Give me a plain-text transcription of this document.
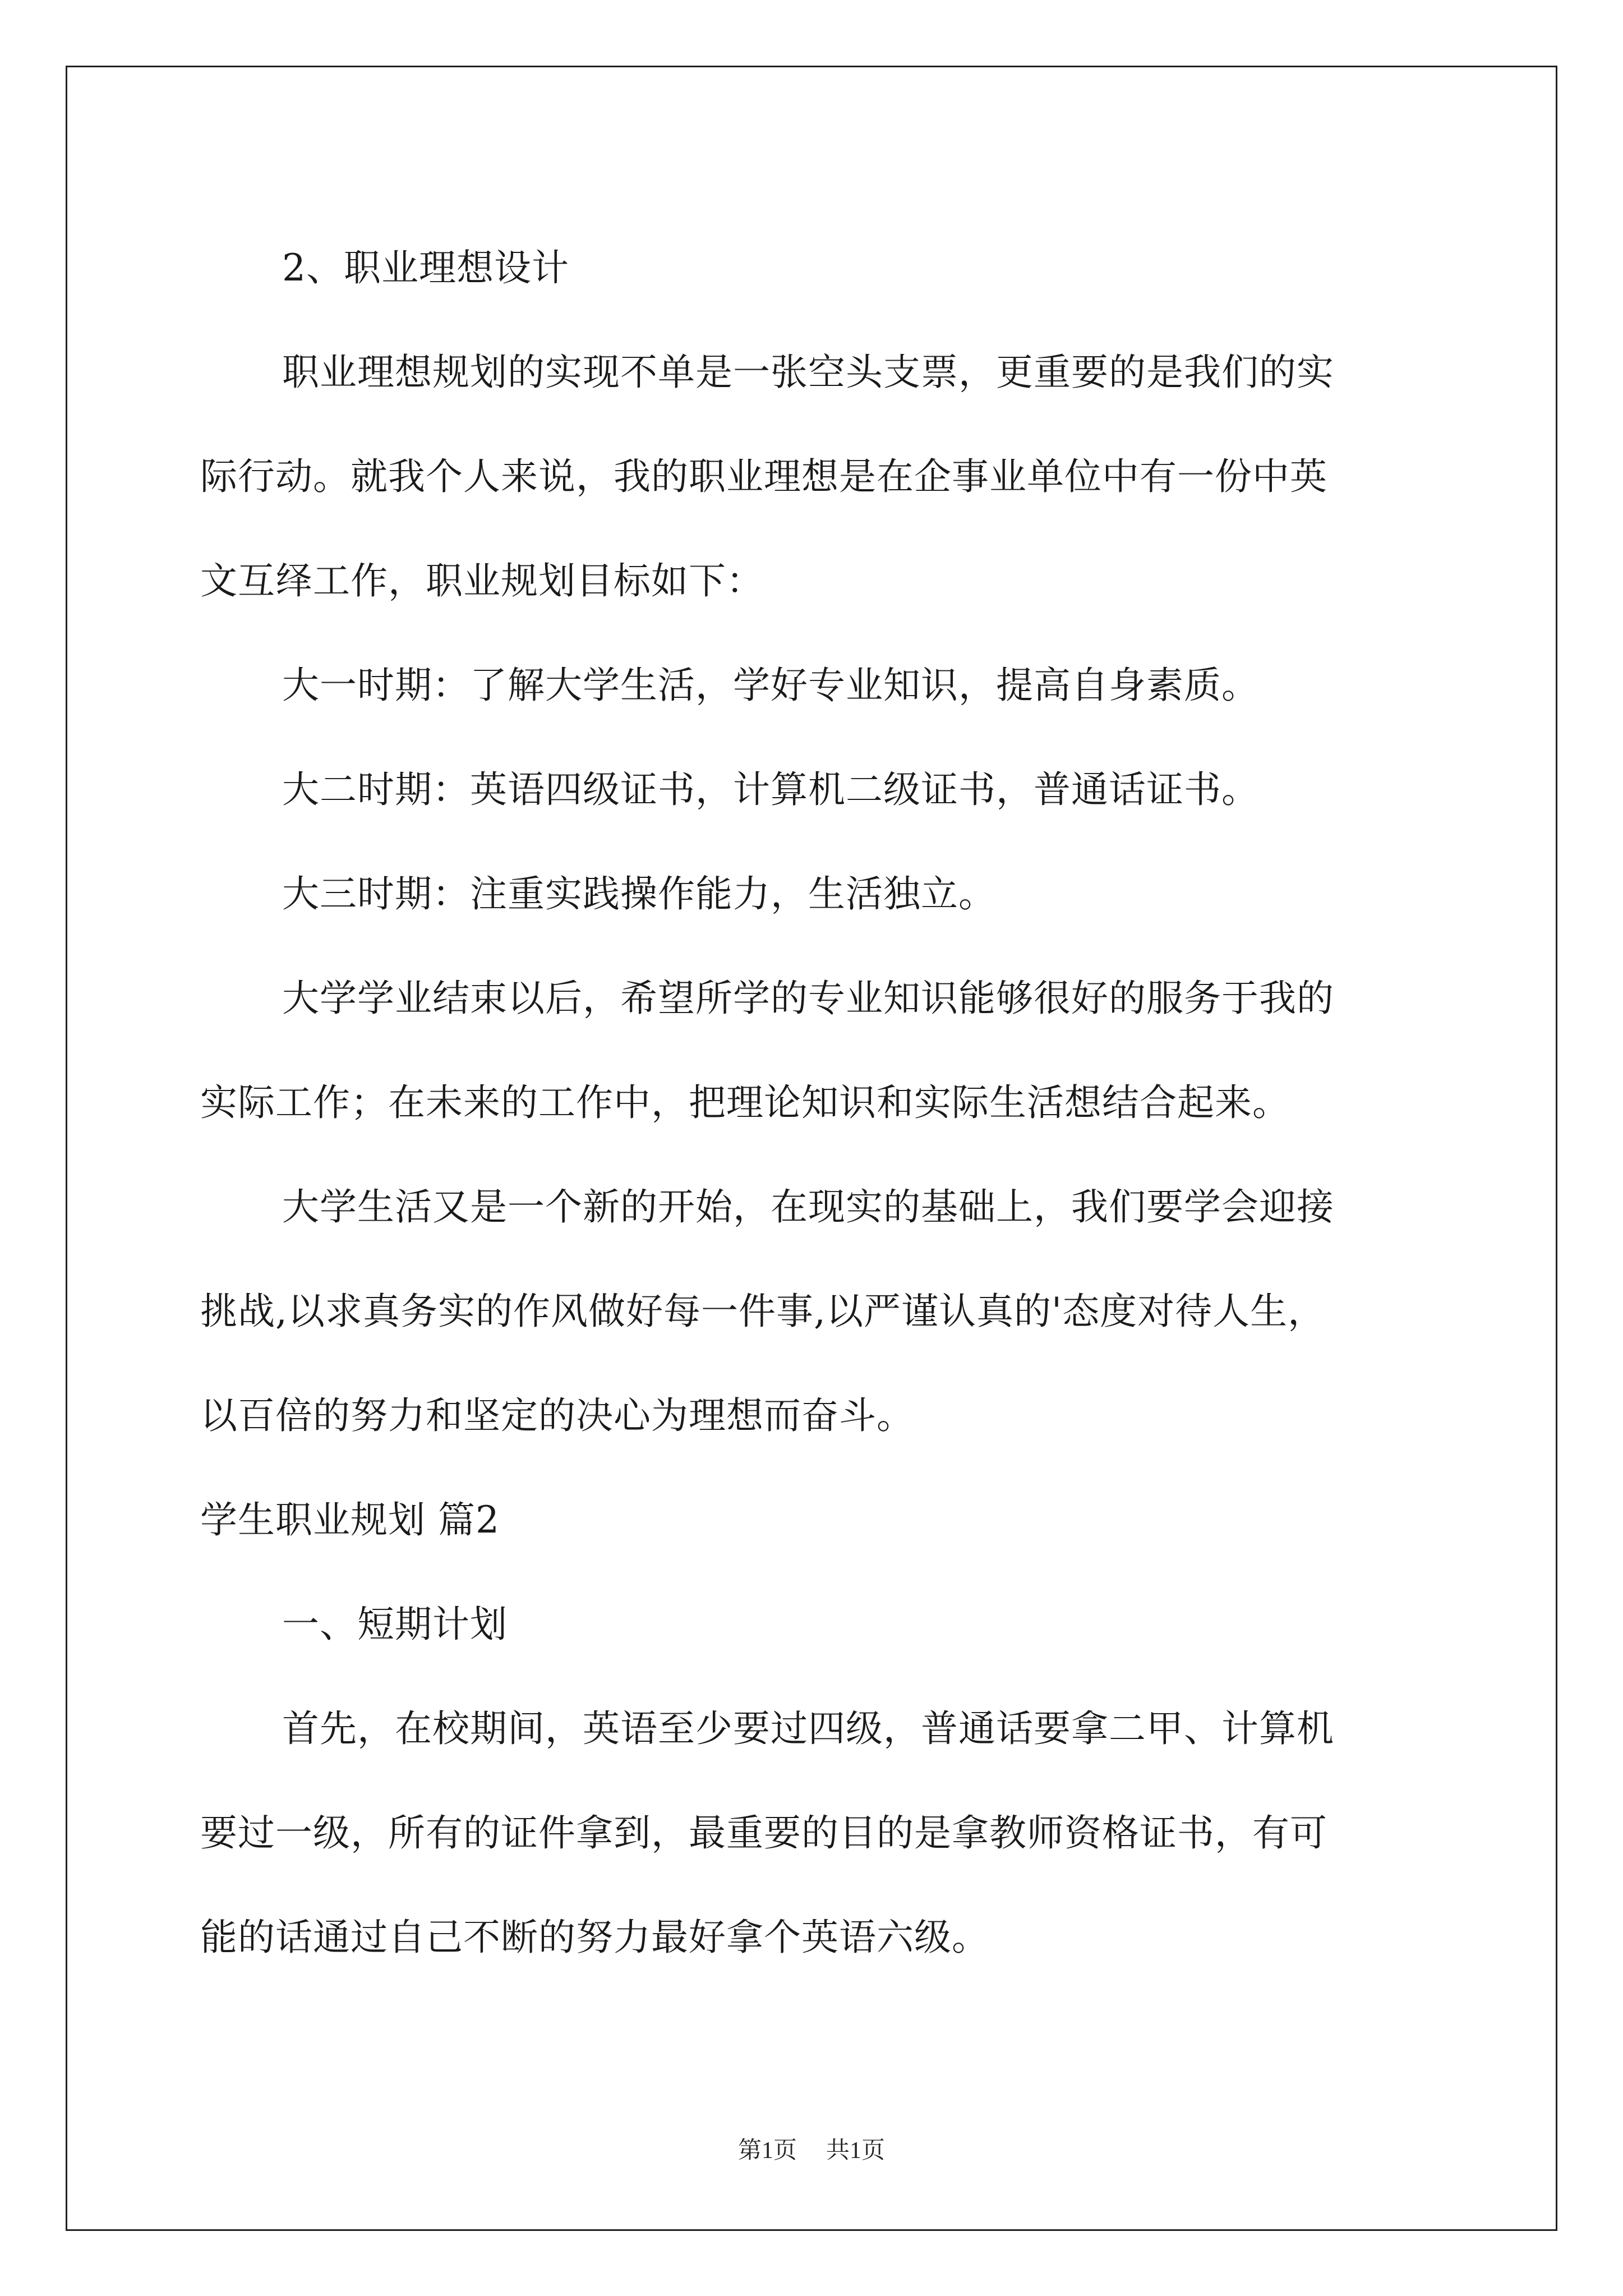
2、职业理想设计

职业理想规划的实现不单是一张空头支票，更重要的是我们的实
际行动。就我个人来说，我的职业理想是在企事业单位中有一份中英
文互绎工作，职业规划目标如下：

大一时期：了解大学生活，学好专业知识，提高自身素质。

大二时期：英语四级证书，计算机二级证书，普通话证书。

大三时期：注重实践操作能力，生活独立。

大学学业结束以后，希望所学的专业知识能够很好的服务于我的
实际工作；在未来的工作中，把理论知识和实际生活想结合起来。

大学生活又是一个新的开始，在现实的基础上，我们要学会迎接
挑战,以求真务实的作风做好每一件事,以严谨认真的'态度对待人生，
以百倍的努力和坚定的决心为理想而奋斗。

学生职业规划 篇2

一、短期计划

首先，在校期间，英语至少要过四级，普通话要拿二甲、计算机
要过一级，所有的证件拿到，最重要的目的是拿教师资格证书，有可
能的话通过自己不断的努力最好拿个英语六级。

第1页 共1页
